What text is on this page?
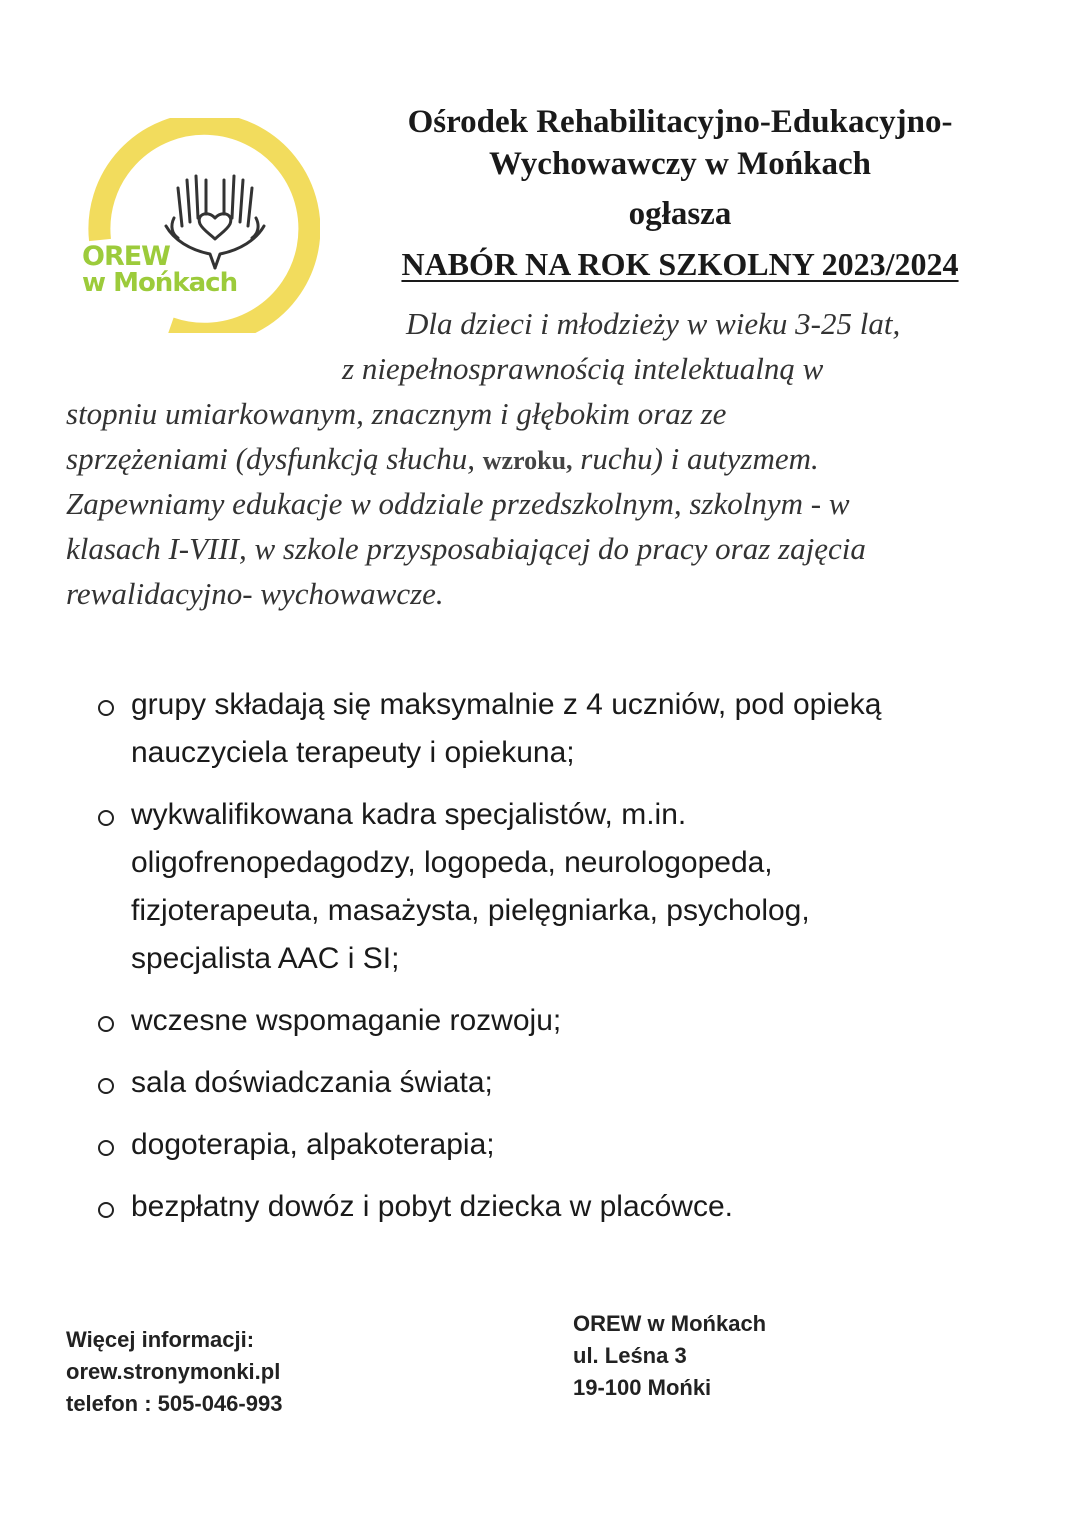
OREW
w Mońkach
Ośrodek Rehabilitacyjno-Edukacyjno-
Wychowawczy w Mońkach
ogłasza
NABÓR NA ROK SZKOLNY 2023/2024
Dla dzieci i młodzieży w wieku 3-25 lat,
z niepełnosprawnością intelektualną w
stopniu umiarkowanym, znacznym i głębokim oraz ze
sprzężeniami (dysfunkcją słuchu, wzroku, ruchu) i autyzmem.
Zapewniamy edukacje w oddziale przedszkolnym, szkolnym - w
klasach I-VIII, w szkole przysposabiającej do pracy oraz zajęcia
rewalidacyjno- wychowawcze.
grupy składają się maksymalnie z 4 uczniów, pod opieką
nauczyciela terapeuty i opiekuna;
wykwalifikowana kadra specjalistów, m.in.
oligofrenopedagodzy, logopeda, neurologopeda,
fizjoterapeuta, masażysta, pielęgniarka, psycholog,
specjalista AAC i SI;
wczesne wspomaganie rozwoju;
sala doświadczania świata;
dogoterapia, alpakoterapia;
bezpłatny dowóz i pobyt dziecka w placówce.
Więcej informacji:
orew.stronymonki.pl
telefon : 505-046-993
OREW w Mońkach
ul. Leśna 3
19-100 Mońki
